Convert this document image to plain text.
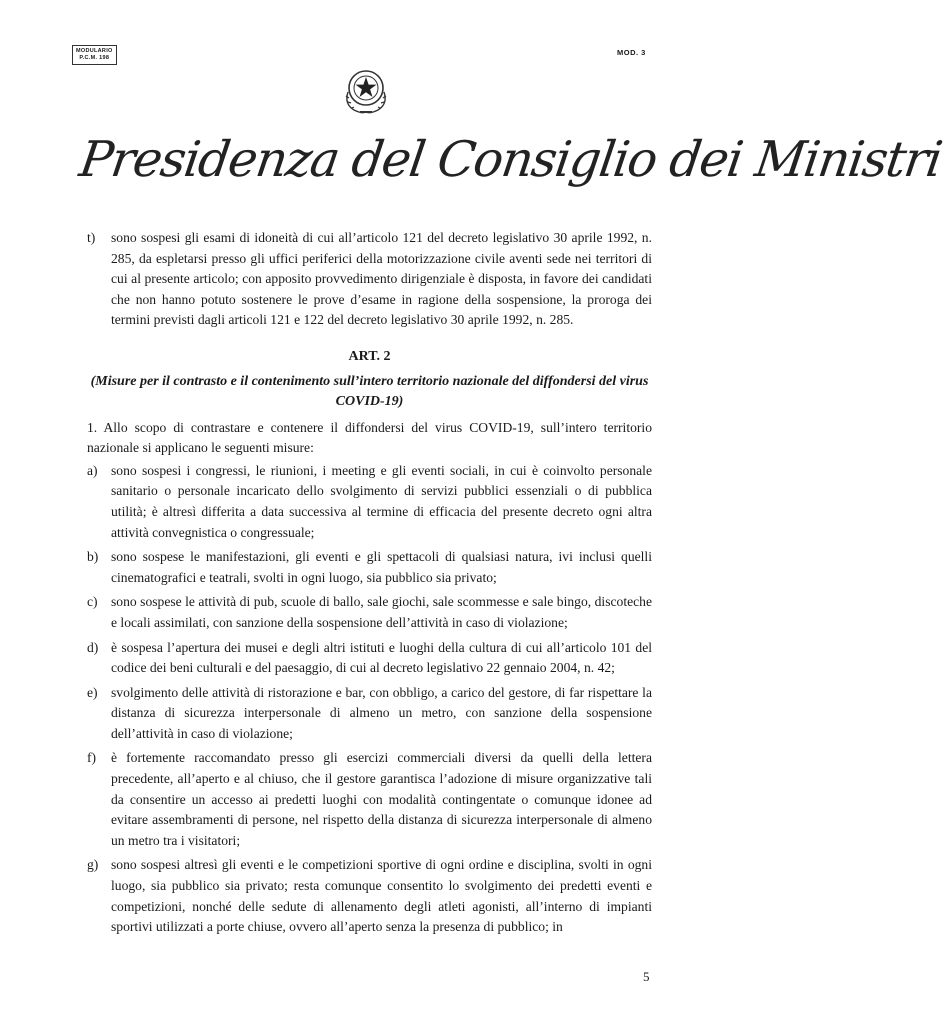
MODULARIO
P.C.M. 198
MOD. 3
Presidenza del Consiglio dei Ministri
t)	sono sospesi gli esami di idoneità di cui all’articolo 121 del decreto legislativo 30 aprile 1992, n. 285, da espletarsi presso gli uffici periferici della motorizzazione civile aventi sede nei territori di cui al presente articolo; con apposito provvedimento dirigenziale è disposta, in favore dei candidati che non hanno potuto sostenere le prove d’esame in ragione della sospensione, la proroga dei termini previsti dagli articoli 121 e 122 del decreto legislativo 30 aprile 1992, n. 285.
ART. 2
(Misure per il contrasto e il contenimento sull’intero territorio nazionale del diffondersi del virus COVID-19)
1. Allo scopo di contrastare e contenere il diffondersi del virus COVID-19, sull’intero territorio nazionale si applicano le seguenti misure:
a) sono sospesi i congressi, le riunioni, i meeting e gli eventi sociali, in cui è coinvolto personale sanitario o personale incaricato dello svolgimento di servizi pubblici essenziali o di pubblica utilità; è altresì differita a data successiva al termine di efficacia del presente decreto ogni altra attività convegnistica o congressuale;
b) sono sospese le manifestazioni, gli eventi e gli spettacoli di qualsiasi natura, ivi inclusi quelli cinematografici e teatrali, svolti in ogni luogo, sia pubblico sia privato;
c) sono sospese le attività di pub, scuole di ballo, sale giochi, sale scommesse e sale bingo, discoteche e locali assimilati, con sanzione della sospensione dell’attività in caso di violazione;
d) è sospesa l’apertura dei musei e degli altri istituti e luoghi della cultura di cui all’articolo 101 del codice dei beni culturali e del paesaggio, di cui al decreto legislativo 22 gennaio 2004, n. 42;
e) svolgimento delle attività di ristorazione e bar, con obbligo, a carico del gestore, di far rispettare la distanza di sicurezza interpersonale di almeno un metro, con sanzione della sospensione dell’attività in caso di violazione;
f)	è fortemente raccomandato presso gli esercizi commerciali diversi da quelli della lettera precedente, all’aperto e al chiuso, che il gestore garantisca l’adozione di misure organizzative tali da consentire un accesso ai predetti luoghi con modalità contingentate o comunque idonee ad evitare assembramenti di persone, nel rispetto della distanza di sicurezza interpersonale di almeno un metro tra i visitatori;
g) sono sospesi altresì gli eventi e le competizioni sportive di ogni ordine e disciplina, svolti in ogni luogo, sia pubblico sia privato; resta comunque consentito lo svolgimento dei predetti eventi e competizioni, nonché delle sedute di allenamento degli atleti agonisti, all’interno di impianti sportivi utilizzati a porte chiuse, ovvero all’aperto senza la presenza di pubblico; in
5
